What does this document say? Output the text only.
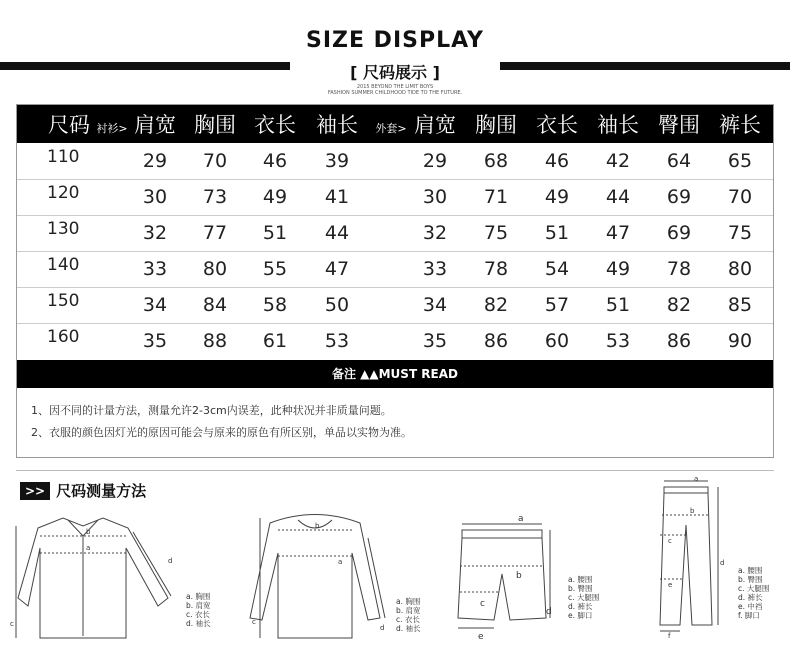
SIZE DISPLAY
[ 尺码展示 ]
2015 BEYOND THE LIMIT BOYS
FASHION SUMMER CHILDHOOD TIDE TO THE FUTURE.
尺码 衬衫> 肩宽 胸围 衣长 袖长	外套> 肩宽 胸围 衣长 袖长 臀围 裤长
110	29	70	46	39	29	68	46	42	64	65
120	30	73	49	41	30	71	49	44	69	70
130	32	77	51	44	32	75	51	47	69	75
140	33	80	55	47	33	78	54	49	78	80
150	34	84	58	50	34	82	57	51	82	85
160	35	88	61	53	35	86	60	53	86	90
备注 ▲▲MUST READ
1、因不同的计量方法，测量允许2-3cm内误差，此种状况并非质量问题。
2、衣服的颜色因灯光的原因可能会与原来的原色有所区别，单品以实物为准。
>> 尺码测量方法
b
a
c
d
a. 胸围
b. 肩宽
c. 衣长
d. 袖长
b
a
c
d
a. 胸围
b. 肩宽
c. 衣长
d. 袖长
a
b
c
d
e
a. 腰围
b. 臀围
c. 大腿围
d. 裤长
e. 脚口
a
b
c
d
e
f
a. 腰围
b. 臀围
c. 大腿围
d. 裤长
e. 中裆
f. 脚口
